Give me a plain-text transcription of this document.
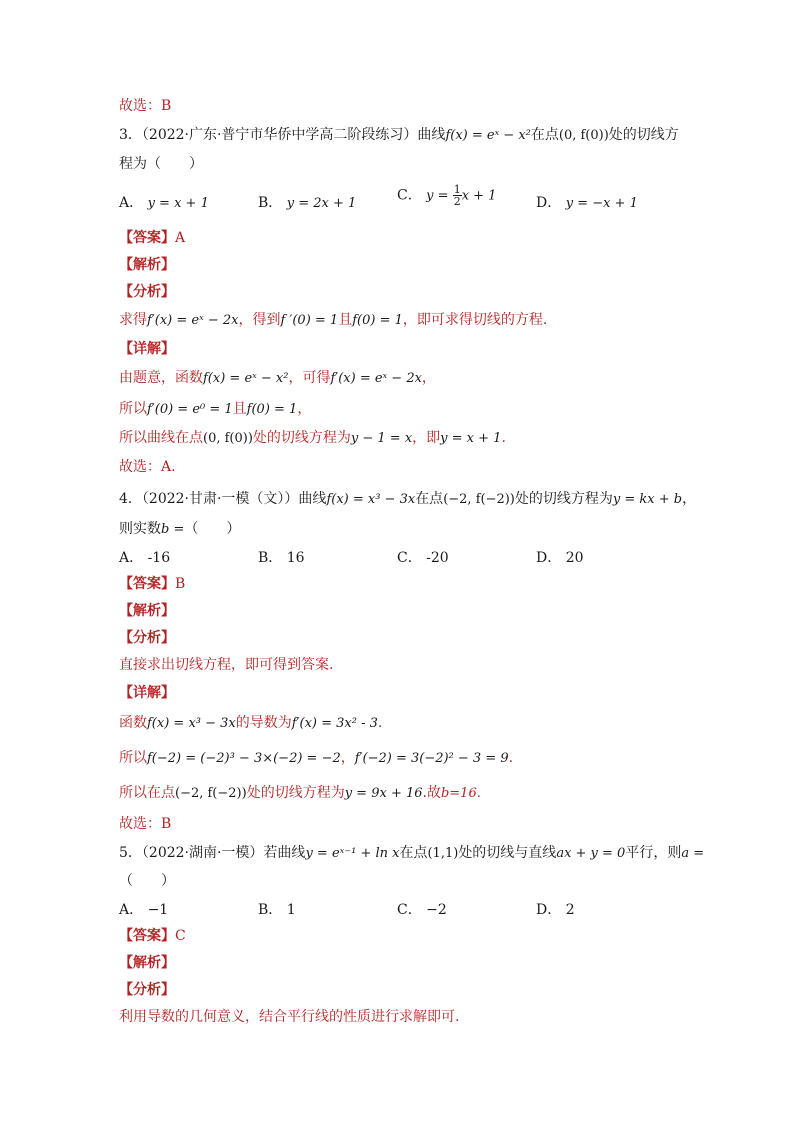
故选：B
3．（2022·广东·普宁市华侨中学高二阶段练习）曲线f(x) = eˣ − x²在点(0, f(0))处的切线方
程为（　　）
A． y = x + 1	B． y = 2x + 1	C． $y = \frac{1}{2}$ x + 1	D． y = −x + 1
【答案】A
【解析】
【分析】
求得f′(x) = eˣ − 2x，得到f ′(0) = 1且f(0) = 1，即可求得切线的方程.
【详解】
由题意，函数f(x) = eˣ − x²，可得f′(x) = eˣ − 2x，
所以f′(0) = e⁰ = 1且f(0) = 1，
所以曲线在点(0, f(0))处的切线方程为y − 1 = x，即y = x + 1.
故选：A.
4．（2022·甘肃·一模（文））曲线f(x) = x³ − 3x在点(−2, f(−2))处的切线方程为y = kx + b，
则实数b =（　　）
A． -16	B． 16	C． -20	D． 20
【答案】B
【解析】
【分析】
直接求出切线方程，即可得到答案.
【详解】
函数f(x) = x³ − 3x的导数为f′(x) = 3x² - 3.
所以f(−2) = (−2)³ − 3×(−2) = −2，f′(−2) = 3(−2)² − 3 = 9.
所以在点(−2, f(−2))处的切线方程为y = 9x + 16.故b=16.
故选：B
5．（2022·湖南·一模）若曲线y = eˣ⁻¹ + ln x在点(1,1)处的切线与直线ax + y = 0平行，则a =
（　　）
A． −1	B． 1	C． −2	D． 2
【答案】C
【解析】
【分析】
利用导数的几何意义，结合平行线的性质进行求解即可.
